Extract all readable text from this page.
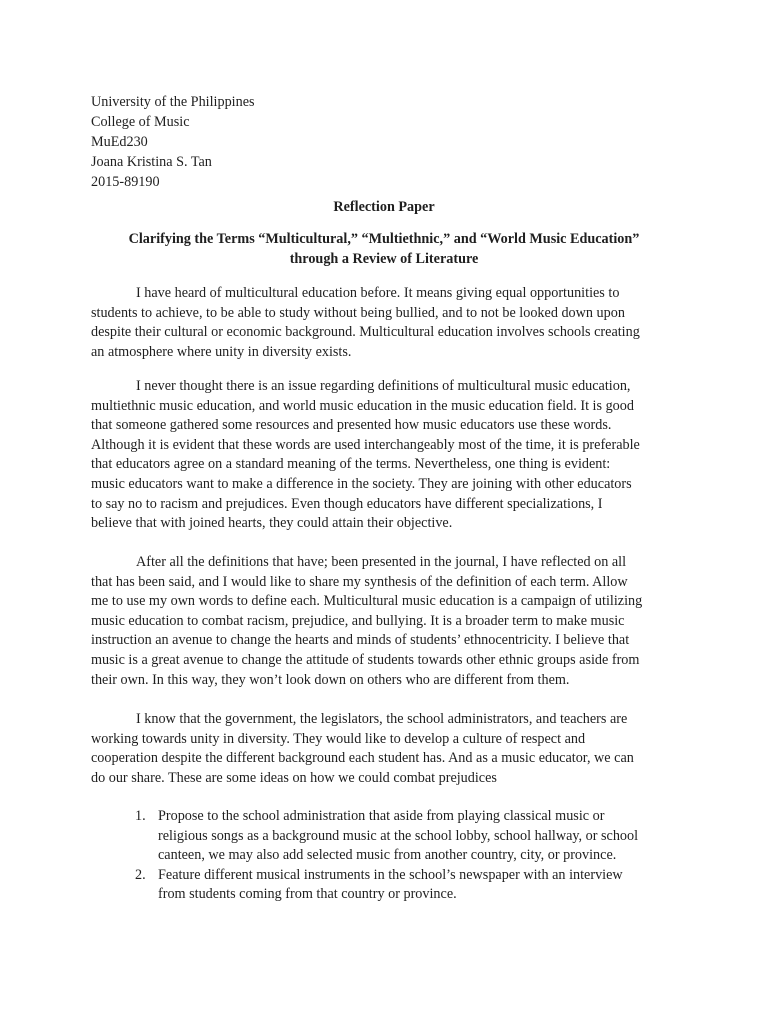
University of the Philippines
College of Music
MuEd230
Joana Kristina S. Tan
2015-89190
Reflection Paper
Clarifying the Terms “Multicultural,” “Multiethnic,” and “World Music Education”
through a Review of Literature
I have heard of multicultural education before. It means giving equal opportunities to
students to achieve, to be able to study without being bullied, and to not be looked down upon
despite their cultural or economic background. Multicultural education involves schools creating
an atmosphere where unity in diversity exists.
I never thought there is an issue regarding definitions of multicultural music education,
multiethnic music education, and world music education in the music education field. It is good
that someone gathered some resources and presented how music educators use these words.
Although it is evident that these words are used interchangeably most of the time, it is preferable
that educators agree on a standard meaning of the terms. Nevertheless, one thing is evident:
music educators want to make a difference in the society. They are joining with other educators
to say no to racism and prejudices. Even though educators have different specializations, I
believe that with joined hearts, they could attain their objective.
After all the definitions that have; been presented in the journal, I have reflected on all
that has been said, and I would like to share my synthesis of the definition of each term. Allow
me to use my own words to define each. Multicultural music education is a campaign of utilizing
music education to combat racism, prejudice, and bullying. It is a broader term to make music
instruction an avenue to change the hearts and minds of students’ ethnocentricity. I believe that
music is a great avenue to change the attitude of students towards other ethnic groups aside from
their own. In this way, they won’t look down on others who are different from them.
I know that the government, the legislators, the school administrators, and teachers are
working towards unity in diversity. They would like to develop a culture of respect and
cooperation despite the different background each student has. And as a music educator, we can
do our share. These are some ideas on how we could combat prejudices
1. Propose to the school administration that aside from playing classical music or
religious songs as a background music at the school lobby, school hallway, or school
canteen, we may also add selected music from another country, city, or province.
2. Feature different musical instruments in the school’s newspaper with an interview
from students coming from that country or province.
